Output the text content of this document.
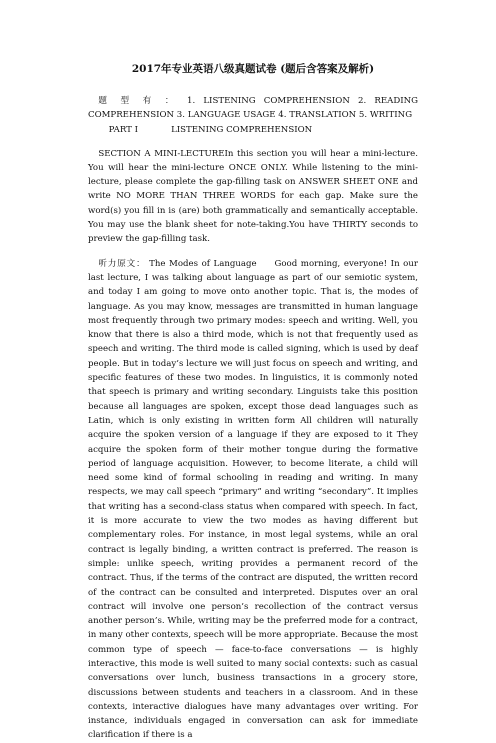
2017年专业英语八级真题试卷 (题后含答案及解析)

题 型 有 ： 1. LISTENING COMPREHENSION 2. READING COMPREHENSION 3. LANGUAGE USAGE 4. TRANSLATION 5. WRITING

PART I	LISTENING COMPREHENSION

SECTION A MINI-LECTUREIn this section you will hear a mini-lecture. You will hear the mini-lecture ONCE ONLY. While listening to the mini-lecture, please complete the gap-filling task on ANSWER SHEET ONE and write NO MORE THAN THREE WORDS for each gap. Make sure the word(s) you fill in is (are) both grammatically and semantically acceptable. You may use the blank sheet for note-taking.You have THIRTY seconds to preview the gap-filling task.

听力原文： The Modes of Language Good morning, everyone! In our last lecture, I was talking about language as part of our semiotic system, and today I am going to move onto another topic. That is, the modes of language. As you may know, messages are transmitted in human language most frequently through two primary modes: speech and writing. Well, you know that there is also a third mode, which is not that frequently used as speech and writing. The third mode is called signing, which is used by deaf people. But in today’s lecture we will just focus on speech and writing, and specific features of these two modes. In linguistics, it is commonly noted that speech is primary and writing secondary. Linguists take this position because all languages are spoken, except those dead languages such as Latin, which is only existing in written form All children will naturally acquire the spoken version of a language if they are exposed to it They acquire the spoken form of their mother tongue during the formative period of language acquisition. However, to become literate, a child will need some kind of formal schooling in reading and writing. In many respects, we may call speech “primary” and writing “secondary”. It implies that writing has a second-class status when compared with speech. In fact, it is more accurate to view the two modes as having different but complementary roles. For instance, in most legal systems, while an oral contract is legally binding, a written contract is preferred. The reason is simple: unlike speech, writing provides a permanent record of the contract. Thus, if the terms of the contract are disputed, the written record of the contract can be consulted and interpreted. Disputes over an oral contract will involve one person’s recollection of the contract versus another person’s. While, writing may be the preferred mode for a contract, in many other contexts, speech will be more appropriate. Because the most common type of speech — face-to-face conversations — is highly interactive, this mode is well suited to many social contexts: such as casual conversations over lunch, business transactions in a grocery store, discussions between students and teachers in a classroom. And in these contexts, interactive dialogues have many advantages over writing. For instance, individuals engaged in conversation can ask for immediate clarification if there is a
